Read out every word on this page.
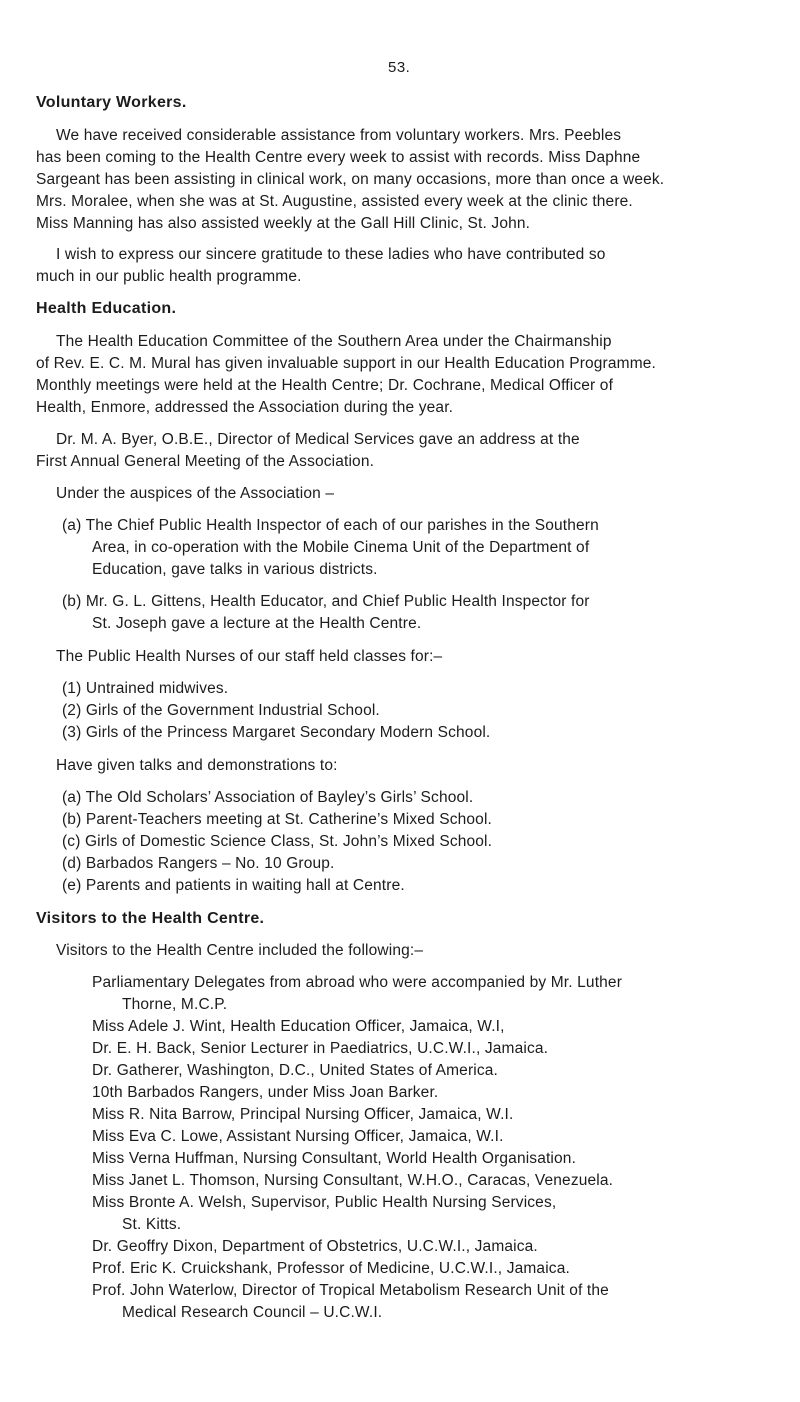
53.
Voluntary Workers.
We have received considerable assistance from voluntary workers. Mrs. Peebles
has been coming to the Health Centre every week to assist with records. Miss Daphne
Sargeant has been assisting in clinical work, on many occasions, more than once a week.
Mrs. Moralee, when she was at St. Augustine, assisted every week at the clinic there.
Miss Manning has also assisted weekly at the Gall Hill Clinic, St. John.
I wish to express our sincere gratitude to these ladies who have contributed so
much in our public health programme.
Health Education.
The Health Education Committee of the Southern Area under the Chairmanship
of Rev. E. C. M. Mural has given invaluable support in our Health Education Programme.
Monthly meetings were held at the Health Centre; Dr. Cochrane, Medical Officer of
Health, Enmore, addressed the Association during the year.
Dr. M. A. Byer, O.B.E., Director of Medical Services gave an address at the
First Annual General Meeting of the Association.
Under the auspices of the Association –
(a) The Chief Public Health Inspector of each of our parishes in the Southern
Area, in co-operation with the Mobile Cinema Unit of the Department of
Education, gave talks in various districts.
(b) Mr. G. L. Gittens, Health Educator, and Chief Public Health Inspector for
St. Joseph gave a lecture at the Health Centre.
The Public Health Nurses of our staff held classes for:–
(1) Untrained midwives.
(2) Girls of the Government Industrial School.
(3) Girls of the Princess Margaret Secondary Modern School.
Have given talks and demonstrations to:
(a) The Old Scholars’ Association of Bayley’s Girls’ School.
(b) Parent-Teachers meeting at St. Catherine’s Mixed School.
(c) Girls of Domestic Science Class, St. John’s Mixed School.
(d) Barbados Rangers – No. 10 Group.
(e) Parents and patients in waiting hall at Centre.
Visitors to the Health Centre.
Visitors to the Health Centre included the following:–
Parliamentary Delegates from abroad who were accompanied by Mr. Luther
Thorne, M.C.P.
Miss Adele J. Wint, Health Education Officer, Jamaica, W.I,
Dr. E. H. Back, Senior Lecturer in Paediatrics, U.C.W.I., Jamaica.
Dr. Gatherer, Washington, D.C., United States of America.
10th Barbados Rangers, under Miss Joan Barker.
Miss R. Nita Barrow, Principal Nursing Officer, Jamaica, W.I.
Miss Eva C. Lowe, Assistant Nursing Officer, Jamaica, W.I.
Miss Verna Huffman, Nursing Consultant, World Health Organisation.
Miss Janet L. Thomson, Nursing Consultant, W.H.O., Caracas, Venezuela.
Miss Bronte A. Welsh, Supervisor, Public Health Nursing Services,
St. Kitts.
Dr. Geoffry Dixon, Department of Obstetrics, U.C.W.I., Jamaica.
Prof. Eric K. Cruickshank, Professor of Medicine, U.C.W.I., Jamaica.
Prof. John Waterlow, Director of Tropical Metabolism Research Unit of the
Medical Research Council – U.C.W.I.
